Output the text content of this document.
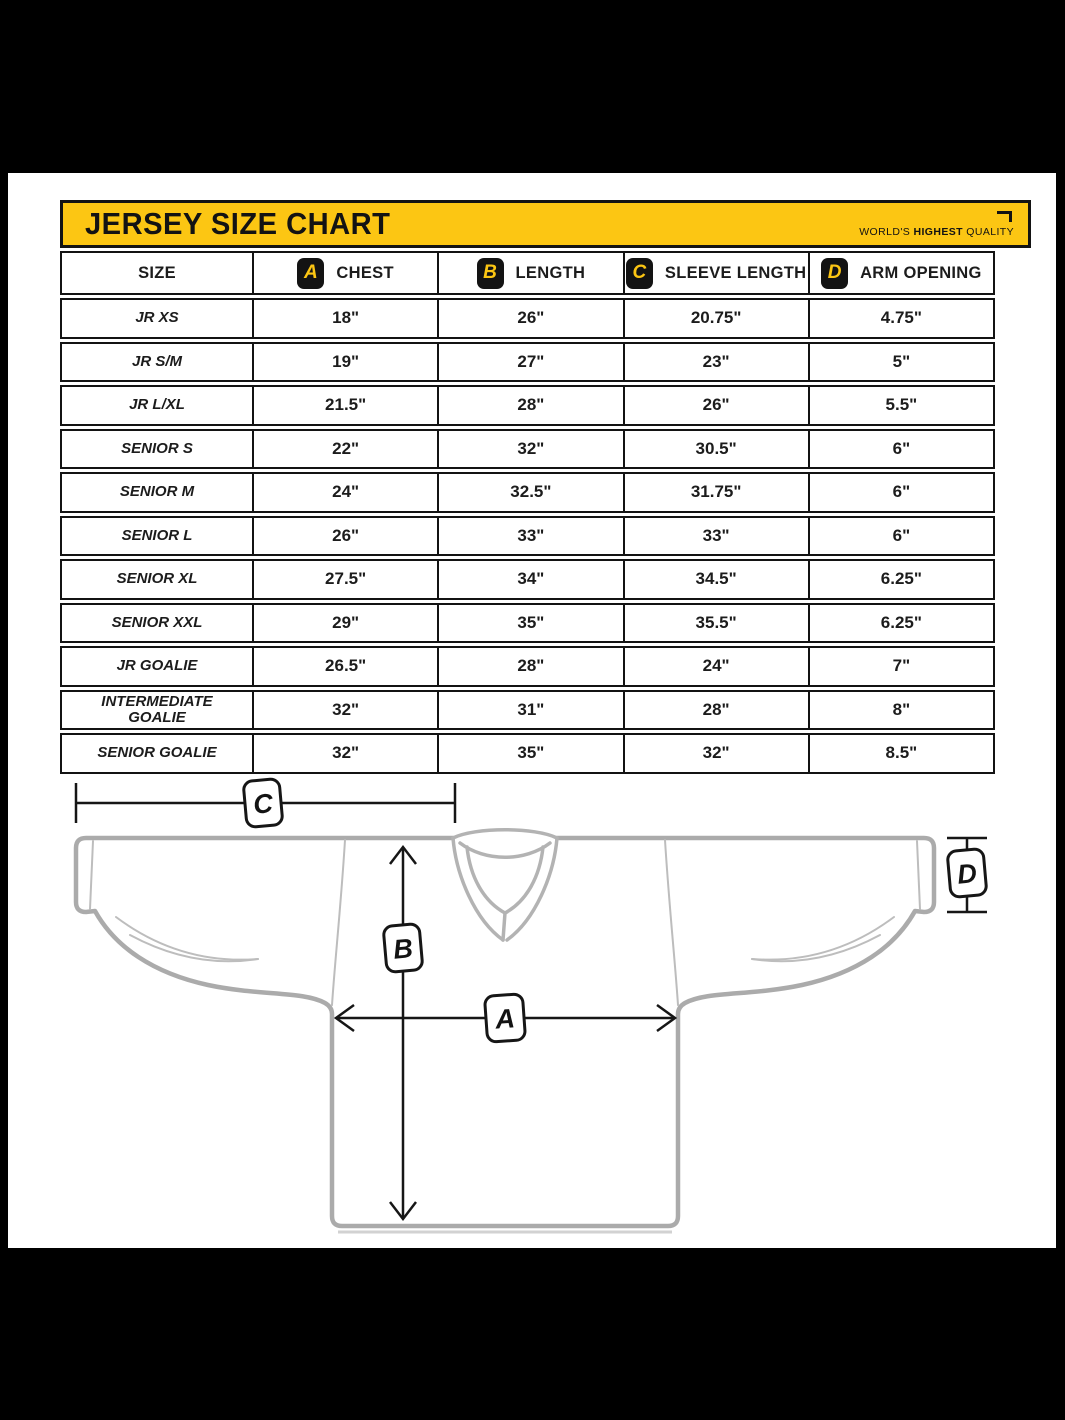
JERSEY SIZE CHART	WORLD'S HIGHEST QUALITY
SIZE	A	CHEST	B	LENGTH	C	SLEEVE LENGTH	D	ARM OPENING
JR XS	18"	26"	20.75"	4.75"
JR S/M	19"	27"	23"	5"
JR L/XL	21.5"	28"	26"	5.5"
SENIOR S	22"	32"	30.5"	6"
SENIOR M	24"	32.5"	31.75"	6"
SENIOR L	26"	33"	33"	6"
SENIOR XL	27.5"	34"	34.5"	6.25"
SENIOR XXL	29"	35"	35.5"	6.25"
JR GOALIE	26.5"	28"	24"	7"
INTERMEDIATE GOALIE	32"	31"	28"	8"
SENIOR GOALIE	32"	35"	32"	8.5"
C
B
A
D
